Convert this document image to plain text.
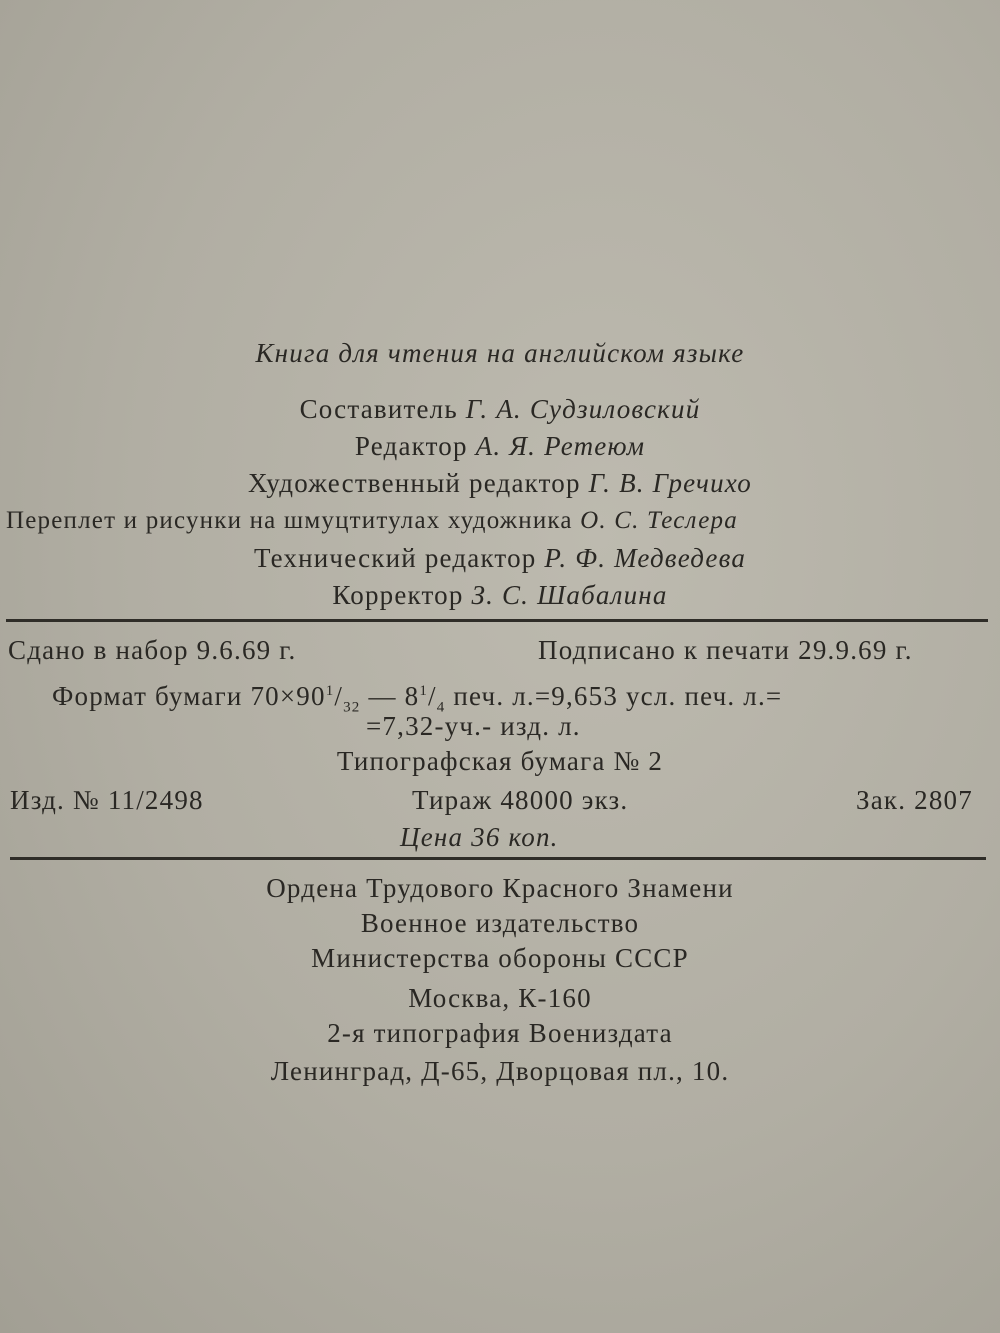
Книга для чтения на английском языке
Составитель Г. А. Судзиловский
Редактор А. Я. Ретеюм
Художественный редактор Г. В. Гречихо
Переплет и рисунки на шмуцтитулах художника О. С. Теслера
Технический редактор Р. Ф. Медведева
Корректор З. С. Шабалина
Сдано в набор 9.6.69 г.	Подписано к печати 29.9.69 г.
Формат бумаги $70\times 90^1/_{32}$ — $8^1/_4$ печ. л.=9,653 усл. печ. л.=
=7,32-уч.- изд. л.
Типографская бумага № 2
Изд. № 11/2498	Тираж 48000 экз.	Зак. 2807
Цена 36 коп.
Ордена Трудового Красного Знамени
Военное издательство
Министерства обороны СССР
Москва, К-160
2-я типография Воениздата
Ленинград, Д-65, Дворцовая пл., 10.
